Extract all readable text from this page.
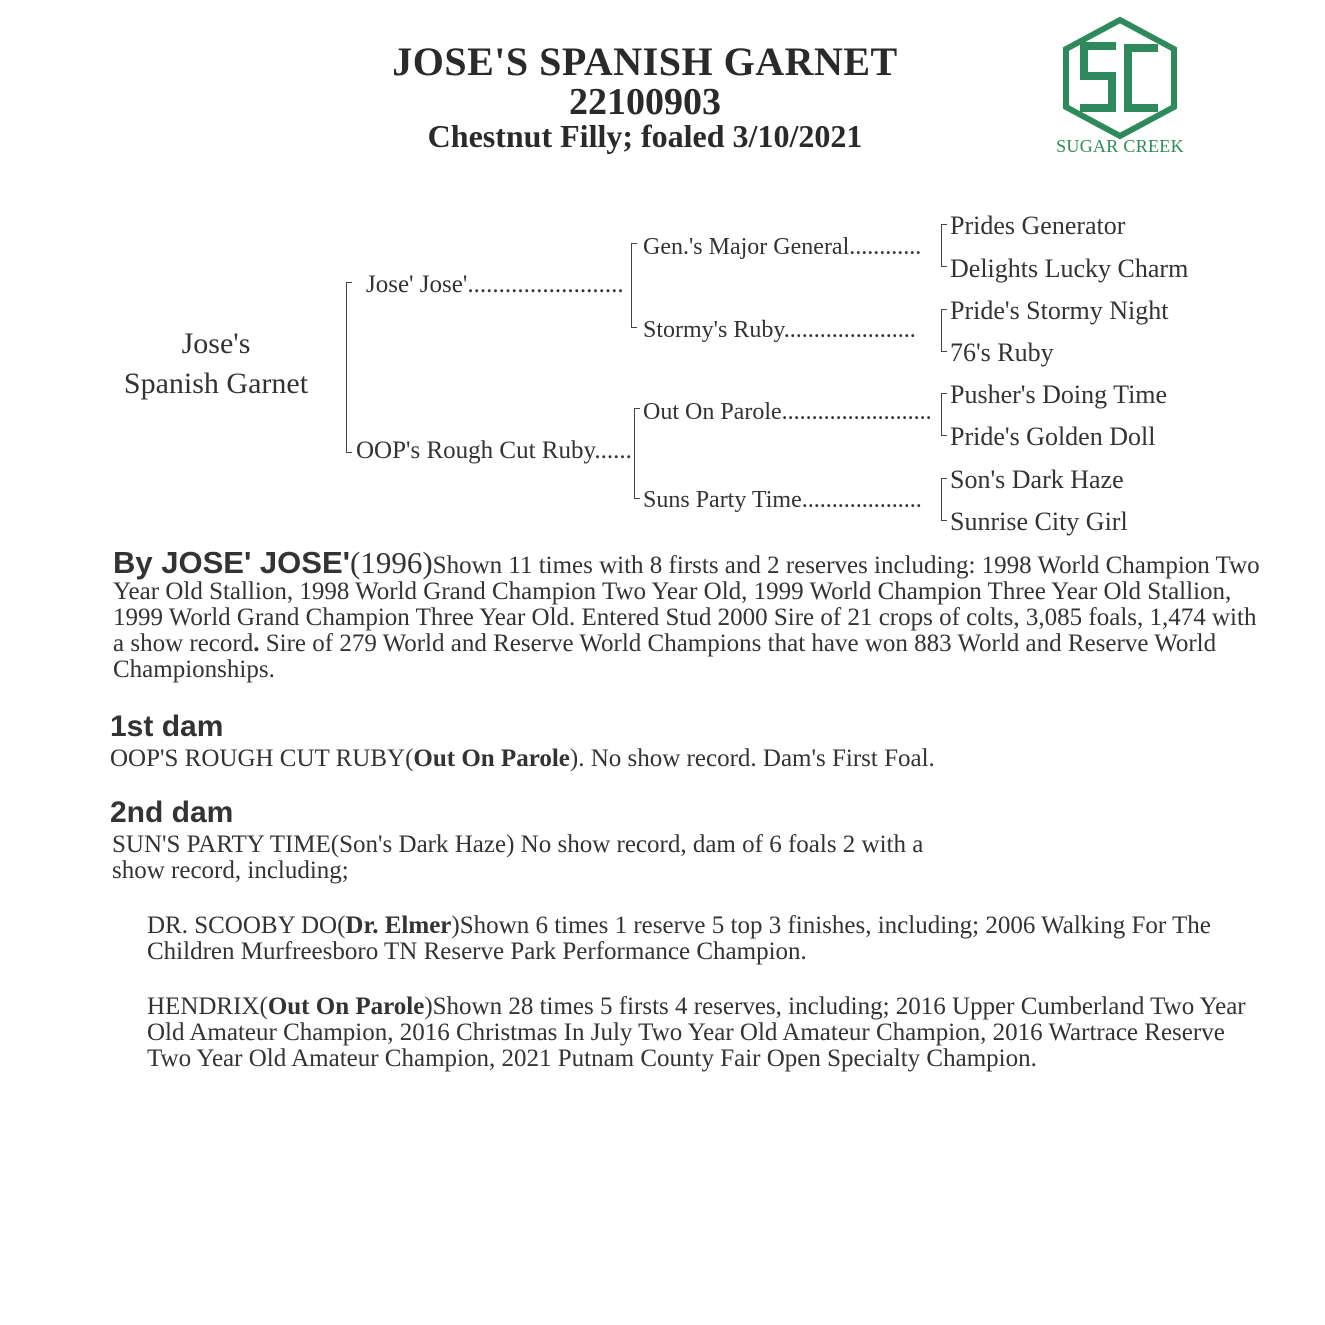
JOSE'S SPANISH GARNET
22100903
Chestnut Filly; foaled 3/10/2021	SUGAR CREEK
Jose's
Spanish Garnet
Jose' Jose'.........................
OOP's Rough Cut Ruby......
Gen.'s Major General............
Stormy's Ruby......................
Out On Parole.........................
Suns Party Time....................
Prides Generator
Delights Lucky Charm
Pride's Stormy Night
76's Ruby
Pusher's Doing Time
Pride's Golden Doll
Son's Dark Haze
Sunrise City Girl
By JOSE' JOSE'(1996)Shown 11 times with 8 firsts and 2 reserves including: 1998 World Champion Two Year Old Stallion, 1998 World Grand Champion Two Year Old, 1999 World Champion Three Year Old Stallion, 1999 World Grand Champion Three Year Old. Entered Stud 2000 Sire of 21 crops of colts, 3,085 foals, 1,474 with a show record. Sire of 279 World and Reserve World Champions that have won 883 World and Reserve World Championships.
1st dam
OOP'S ROUGH CUT RUBY(Out On Parole). No show record. Dam's First Foal.
2nd dam
SUN'S PARTY TIME(Son's Dark Haze) No show record, dam of 6 foals 2 with a show record, including;
DR. SCOOBY DO(Dr. Elmer)Shown 6 times 1 reserve 5 top 3 finishes, including; 2006 Walking For The Children Murfreesboro TN Reserve Park Performance Champion.
HENDRIX(Out On Parole)Shown 28 times 5 firsts 4 reserves, including; 2016 Upper Cumberland Two Year Old Amateur Champion, 2016 Christmas In July Two Year Old Amateur Champion, 2016 Wartrace Reserve Two Year Old Amateur Champion, 2021 Putnam County Fair Open Specialty Champion.
